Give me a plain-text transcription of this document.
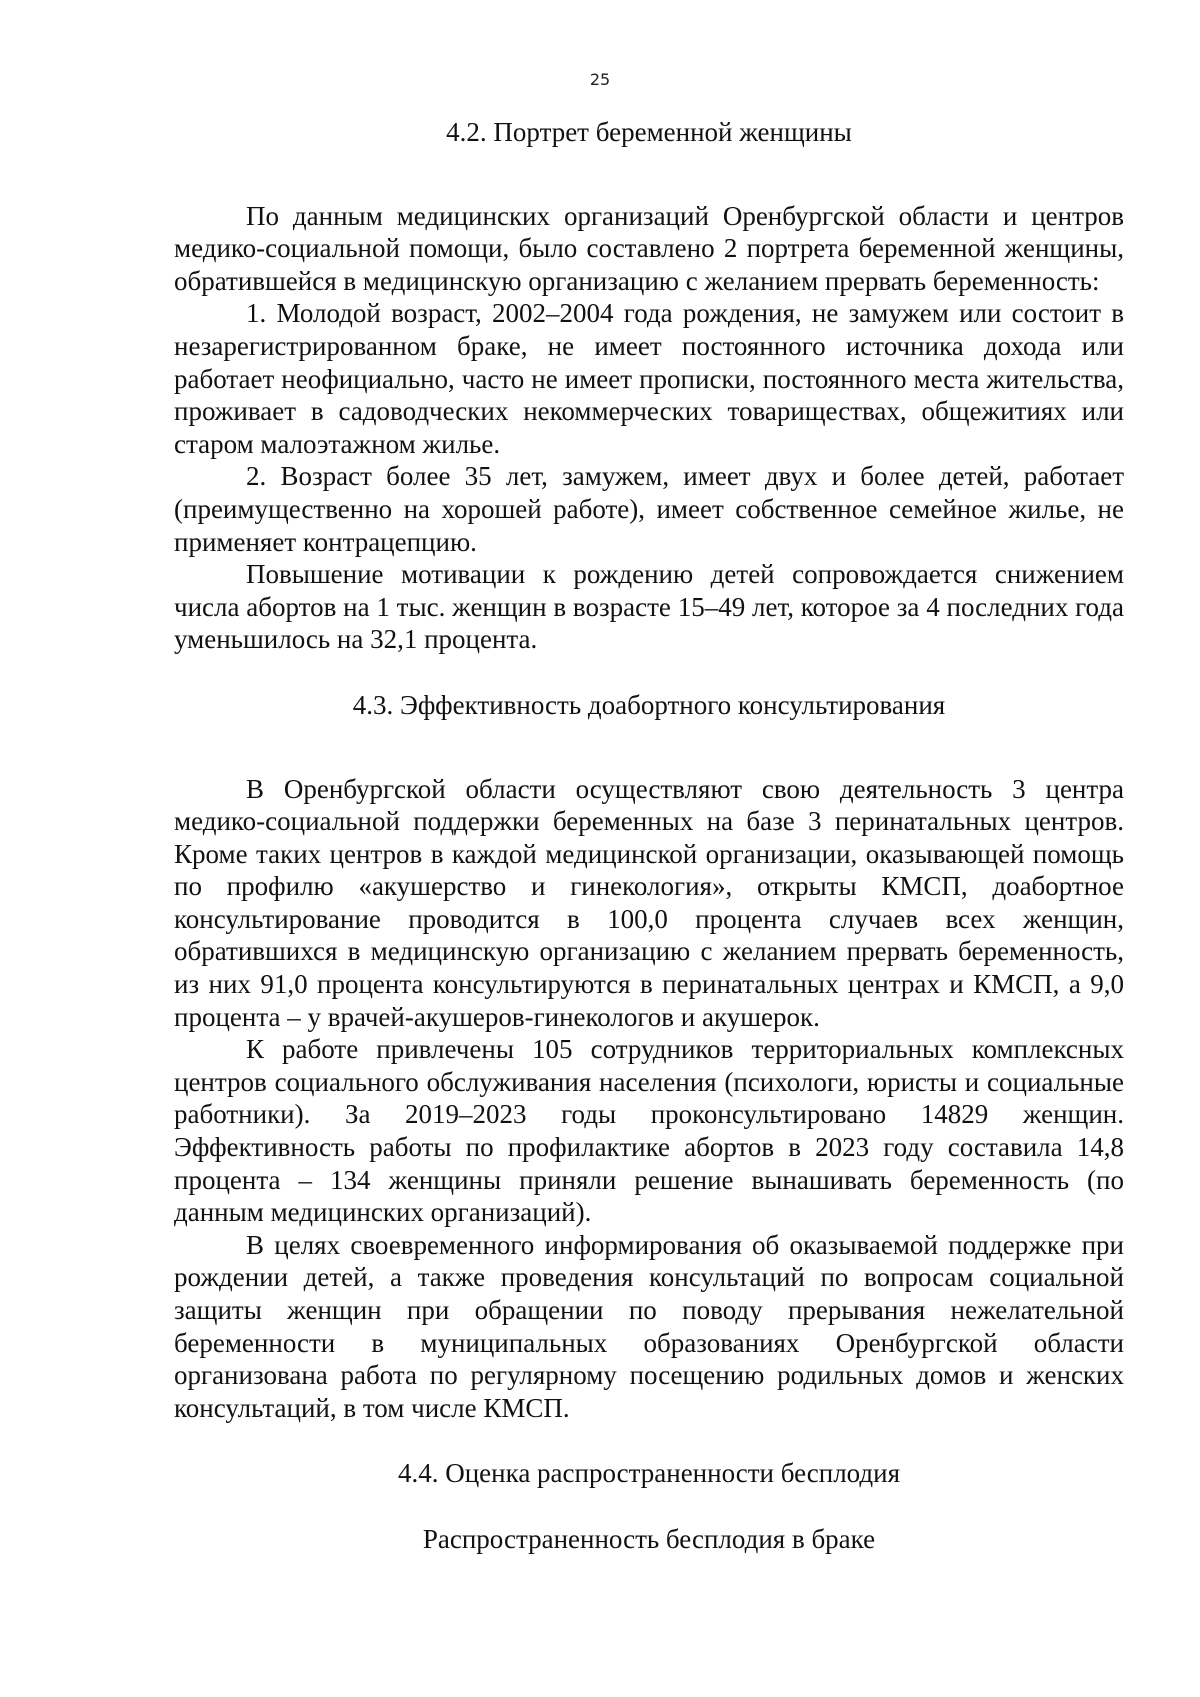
25

4.2. Портрет беременной женщины

По данным медицинских организаций Оренбургской области и центров медико-социальной помощи, было составлено 2 портрета беременной женщины, обратившейся в медицинскую организацию с желанием прервать беременность:

1. Молодой возраст, 2002–2004 года рождения, не замужем или состоит в незарегистрированном браке, не имеет постоянного источника дохода или работает неофициально, часто не имеет прописки, постоянного места жительства, проживает в садоводческих некоммерческих товариществах, общежитиях или старом малоэтажном жилье.

2. Возраст более 35 лет, замужем, имеет двух и более детей, работает (преимущественно на хорошей работе), имеет собственное семейное жилье, не применяет контрацепцию.

Повышение мотивации к рождению детей сопровождается снижением числа абортов на 1 тыс. женщин в возрасте 15–49 лет, которое за 4 последних года уменьшилось на 32,1 процента.

4.3. Эффективность доабортного консультирования

В Оренбургской области осуществляют свою деятельность 3 центра медико-социальной поддержки беременных на базе 3 перинатальных центров. Кроме таких центров в каждой медицинской организации, оказывающей помощь по профилю «акушерство и гинекология», открыты КМСП, доабортное консультирование проводится в 100,0 процента случаев всех женщин, обратившихся в медицинскую организацию с желанием прервать беременность, из них 91,0 процента консультируются в перинатальных центрах и КМСП, а 9,0 процента – у врачей-акушеров-гинекологов и акушерок.

К работе привлечены 105 сотрудников территориальных комплексных центров социального обслуживания населения (психологи, юристы и социальные работники). За 2019–2023 годы проконсультировано 14829 женщин. Эффективность работы по профилактике абортов в 2023 году составила 14,8 процента – 134 женщины приняли решение вынашивать беременность (по данным медицинских организаций).

В целях своевременного информирования об оказываемой поддержке при рождении детей, а также проведения консультаций по вопросам социальной защиты женщин при обращении по поводу прерывания нежелательной беременности в муниципальных образованиях Оренбургской области организована работа по регулярному посещению родильных домов и женских консультаций, в том числе КМСП.

4.4. Оценка распространенности бесплодия

Распространенность бесплодия в браке
